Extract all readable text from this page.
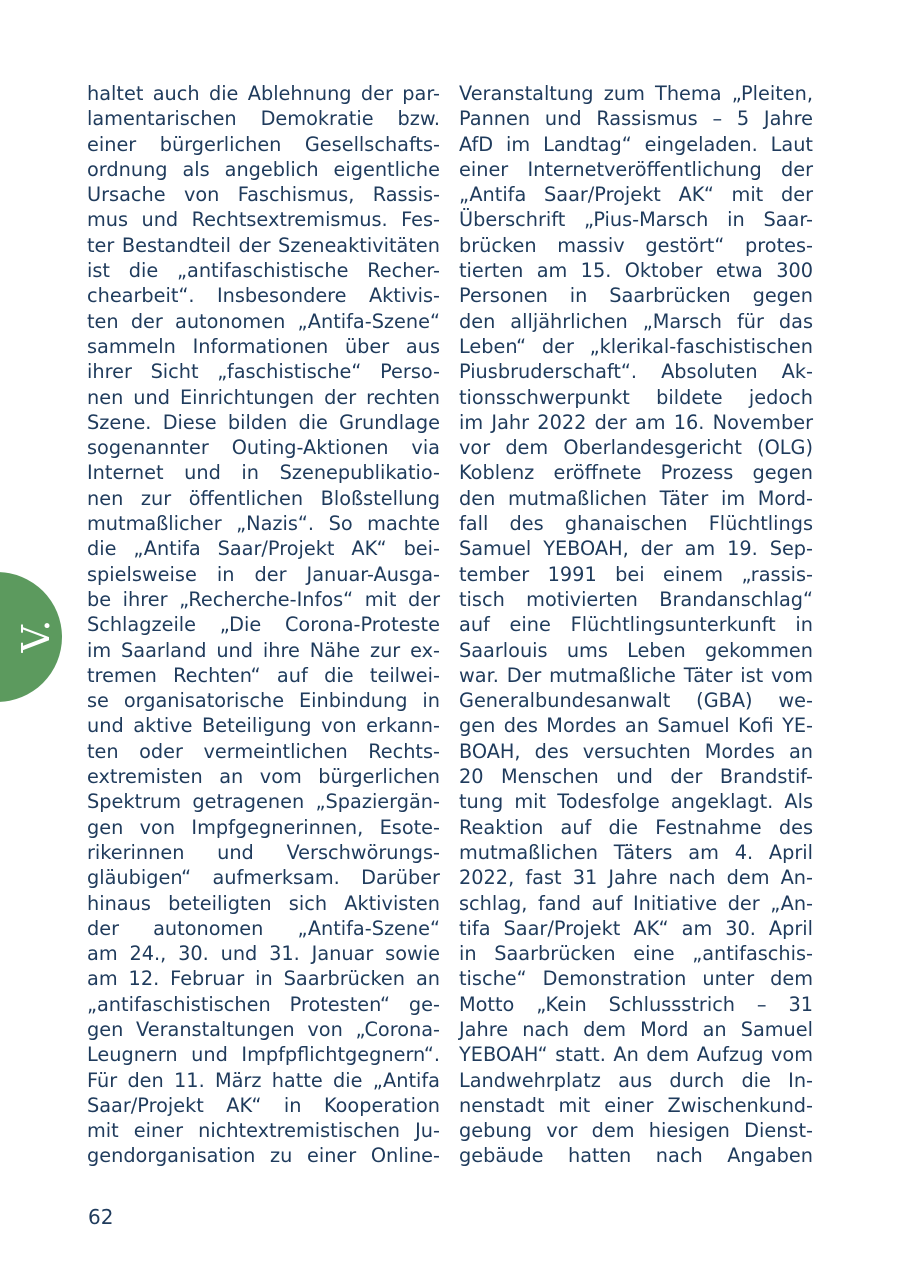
V.
haltet auch die Ablehnung der par-
lamentarischen Demokratie bzw.
einer bürgerlichen Gesellschafts-
ordnung als angeblich eigentliche
Ursache von Faschismus, Rassis-
mus und Rechtsextremismus. Fes-
ter Bestandteil der Szeneaktivitäten
ist die „antifaschistische Recher-
chearbeit“. Insbesondere Aktivis-
ten der autonomen „Antifa-Szene“
sammeln Informationen über aus
ihrer Sicht „faschistische“ Perso-
nen und Einrichtungen der rechten
Szene. Diese bilden die Grundlage
sogenannter Outing-Aktionen via
Internet und in Szenepublikatio-
nen zur öffentlichen Bloßstellung
mutmaßlicher „Nazis“. So machte
die „Antifa Saar/Projekt AK“ bei-
spielsweise in der Januar-Ausga-
be ihrer „Recherche-Infos“ mit der
Schlagzeile „Die Corona-Proteste
im Saarland und ihre Nähe zur ex-
tremen Rechten“ auf die teilwei-
se organisatorische Einbindung in
und aktive Beteiligung von erkann-
ten oder vermeintlichen Rechts-
extremisten an vom bürgerlichen
Spektrum getragenen „Spaziergän-
gen von Impfgegnerinnen, Esote-
rikerinnen und Verschwörungs-
gläubigen“ aufmerksam. Darüber
hinaus beteiligten sich Aktivisten
der autonomen „Antifa-Szene“
am 24., 30. und 31. Januar sowie
am 12. Februar in Saarbrücken an
„antifaschistischen Protesten“ ge-
gen Veranstaltungen von „Corona-
Leugnern und Impfpflichtgegnern“.
Für den 11. März hatte die „Antifa
Saar/Projekt AK“ in Kooperation
mit einer nichtextremistischen Ju-
gendorganisation zu einer Online-
Veranstaltung zum Thema „Pleiten,
Pannen und Rassismus – 5 Jahre
AfD im Landtag“ eingeladen. Laut
einer Internetveröffentlichung der
„Antifa Saar/Projekt AK“ mit der
Überschrift „Pius-Marsch in Saar-
brücken massiv gestört“ protes-
tierten am 15. Oktober etwa 300
Personen in Saarbrücken gegen
den alljährlichen „Marsch für das
Leben“ der „klerikal-faschistischen
Piusbruderschaft“. Absoluten Ak-
tionsschwerpunkt bildete jedoch
im Jahr 2022 der am 16. November
vor dem Oberlandesgericht (OLG)
Koblenz eröffnete Prozess gegen
den mutmaßlichen Täter im Mord-
fall des ghanaischen Flüchtlings
Samuel YEBOAH, der am 19. Sep-
tember 1991 bei einem „rassis-
tisch motivierten Brandanschlag“
auf eine Flüchtlingsunterkunft in
Saarlouis ums Leben gekommen
war. Der mutmaßliche Täter ist vom
Generalbundesanwalt (GBA) we-
gen des Mordes an Samuel Kofi YE-
BOAH, des versuchten Mordes an
20 Menschen und der Brandstif-
tung mit Todesfolge angeklagt. Als
Reaktion auf die Festnahme des
mutmaßlichen Täters am 4. April
2022, fast 31 Jahre nach dem An-
schlag, fand auf Initiative der „An-
tifa Saar/Projekt AK“ am 30. April
in Saarbrücken eine „antifaschis-
tische“ Demonstration unter dem
Motto „Kein Schlussstrich – 31
Jahre nach dem Mord an Samuel
YEBOAH“ statt. An dem Aufzug vom
Landwehrplatz aus durch die In-
nenstadt mit einer Zwischenkund-
gebung vor dem hiesigen Dienst-
gebäude hatten nach Angaben
62
